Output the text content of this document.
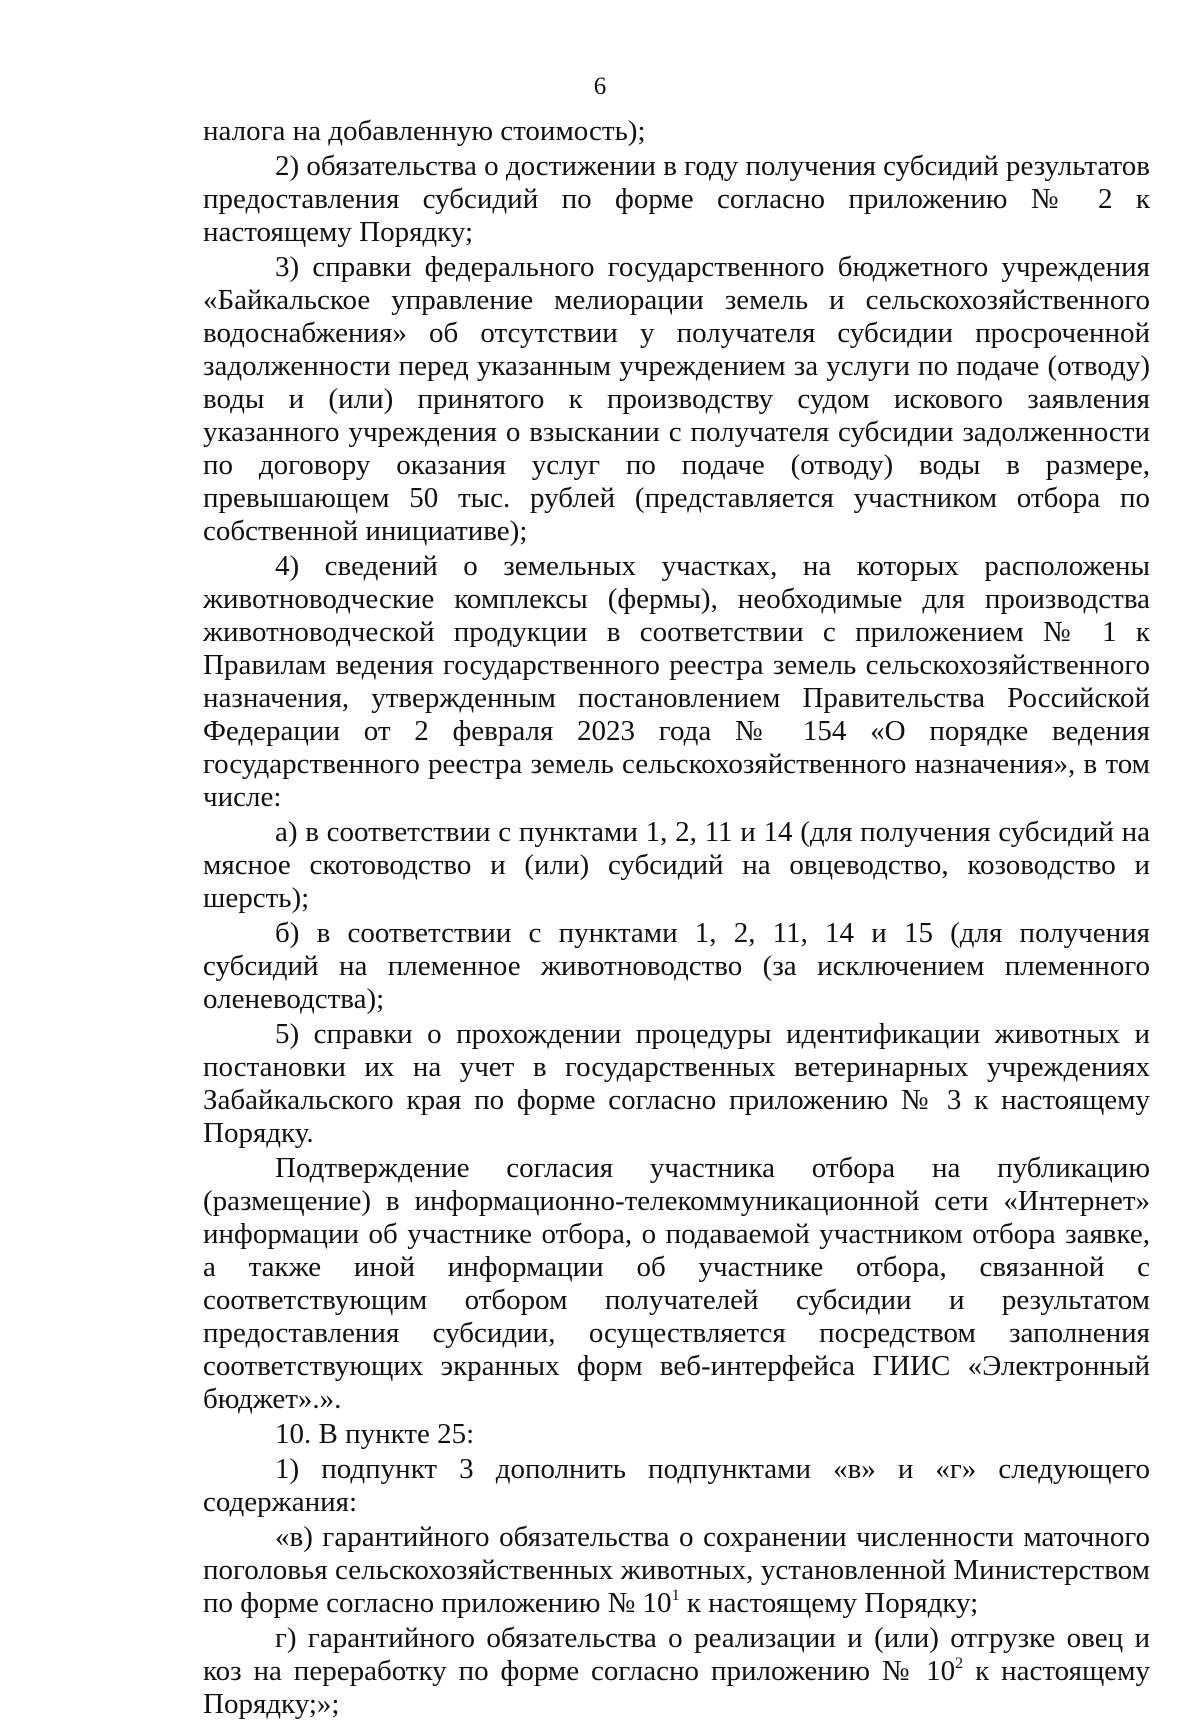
6

налога на добавленную стоимость);

2) обязательства о достижении в году получения субсидий результатов предоставления субсидий по форме согласно приложению № 2 к настоящему Порядку;

3) справки федерального государственного бюджетного учреждения «Байкальское управление мелиорации земель и сельскохозяйственного водоснабжения» об отсутствии у получателя субсидии просроченной задолженности перед указанным учреждением за услуги по подаче (отводу) воды и (или) принятого к производству судом искового заявления указанного учреждения о взыскании с получателя субсидии задолженности по договору оказания услуг по подаче (отводу) воды в размере, превышающем 50 тыс. рублей (представляется участником отбора по собственной инициативе);

4) сведений о земельных участках, на которых расположены животноводческие комплексы (фермы), необходимые для производства животноводческой продукции в соответствии с приложением № 1 к Правилам ведения государственного реестра земель сельскохозяйственного назначения, утвержденным постановлением Правительства Российской Федерации от 2 февраля 2023 года № 154 «О порядке ведения государственного реестра земель сельскохозяйственного назначения», в том числе:

а) в соответствии с пунктами 1, 2, 11 и 14 (для получения субсидий на мясное скотоводство и (или) субсидий на овцеводство, козоводство и шерсть);

б) в соответствии с пунктами 1, 2, 11, 14 и 15 (для получения субсидий на племенное животноводство (за исключением племенного оленеводства);

5) справки о прохождении процедуры идентификации животных и постановки их на учет в государственных ветеринарных учреждениях Забайкальского края по форме согласно приложению № 3 к настоящему Порядку.

Подтверждение согласия участника отбора на публикацию (размещение) в информационно-телекоммуникационной сети «Интернет» информации об участнике отбора, о подаваемой участником отбора заявке, а также иной информации об участнике отбора, связанной с соответствующим отбором получателей субсидии и результатом предоставления субсидии, осуществляется посредством заполнения соответствующих экранных форм веб-интерфейса ГИИС «Электронный бюджет».».

10. В пункте 25:

1) подпункт 3 дополнить подпунктами «в» и «г» следующего содержания:

«в) гарантийного обязательства о сохранении численности маточного поголовья сельскохозяйственных животных, установленной Министерством по форме согласно приложению № $10^1$ к настоящему Порядку;

г) гарантийного обязательства о реализации и (или) отгрузке овец и коз на переработку по форме согласно приложению № $10^2$ к настоящему Порядку;»;
